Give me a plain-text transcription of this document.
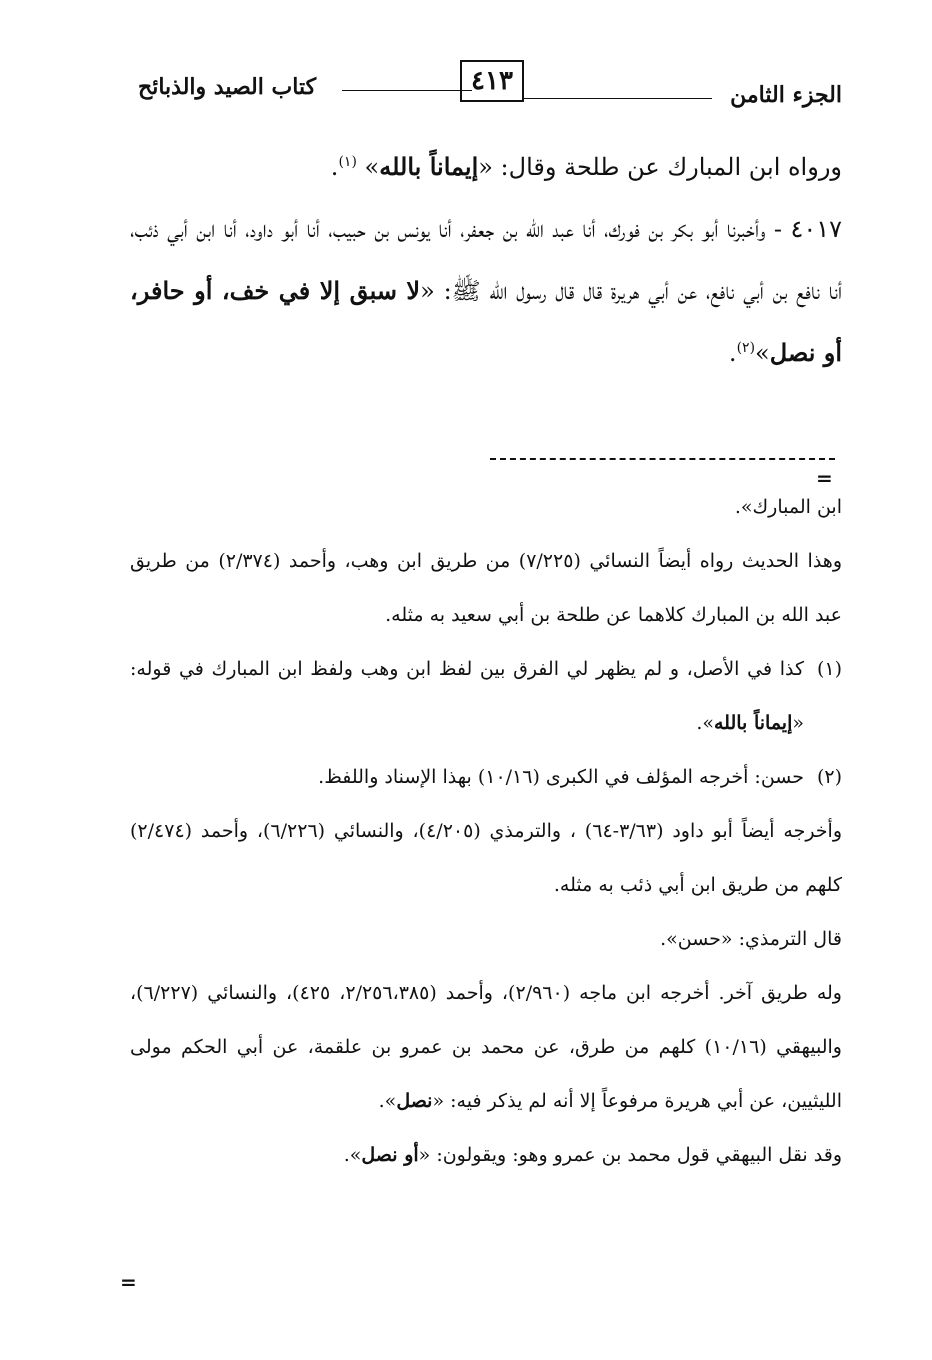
الجزء الثامن
٤١٣
كتاب الصيد والذبائح

ورواه ابن المبارك عن طلحة وقال: «إيماناً بالله» $^{(١)}$.

٤٠١٧ - وأخبرنا أبو بكر بن فورك، أنا عبد الله بن جعفر، أنا يونس بن حبيب، أنا أبو داود، أنا ابن أبي ذئب، أنا نافع بن أبي نافع، عن أبي هريرة قال قال رسول الله ﷺ: «لا سبق إلا في خف، أو حافر، أو نصل»$^{(٢)}$.

=

ابن المبارك».

وهذا الحديث رواه أيضاً النسائي (٧/٢٢٥) من طريق ابن وهب، وأحمد (٢/٣٧٤) من طريق عبد الله بن المبارك كلاهما عن طلحة بن أبي سعيد به مثله.

(١)كذا في الأصل، و لم يظهر لي الفرق بين لفظ ابن وهب ولفظ ابن المبارك في قوله: «إيماناً بالله».

(٢)حسن: أخرجه المؤلف في الكبرى (١٠/١٦) بهذا الإسناد واللفظ.

وأخرجه أيضاً أبو داود (٣/٦٣-٦٤) ، والترمذي (٤/٢٠٥)، والنسائي (٦/٢٢٦)، وأحمد (٢/٤٧٤) كلهم من طريق ابن أبي ذئب به مثله.

قال الترمذي: «حسن».

وله طريق آخر. أخرجه ابن ماجه (٢/٩٦٠)، وأحمد (٢/٢٥٦،٣٨٥، ٤٢٥)، والنسائي (٦/٢٢٧)، والبيهقي (١٠/١٦) كلهم من طرق، عن محمد بن عمرو بن علقمة، عن أبي الحكم مولى الليثيين، عن أبي هريرة مرفوعاً إلا أنه لم يذكر فيه: «نصل».

وقد نقل البيهقي قول محمد بن عمرو وهو: ويقولون: «أو نصل».

=
